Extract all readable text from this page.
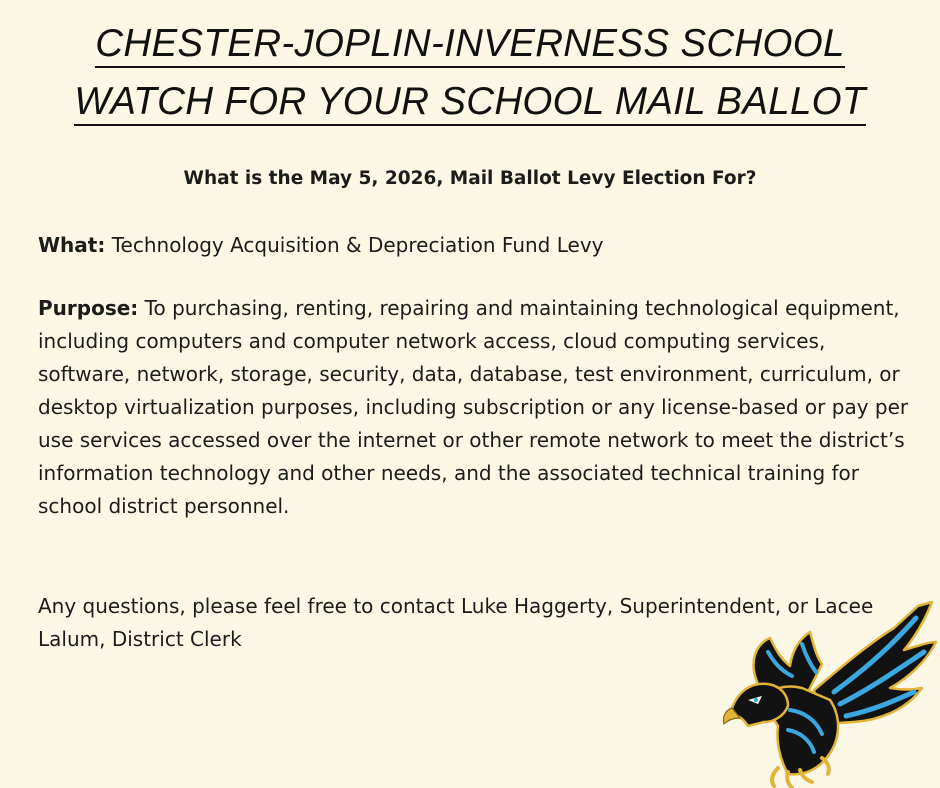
CHESTER-JOPLIN-INVERNESS SCHOOL
WATCH FOR YOUR SCHOOL MAIL BALLOT
What is the May 5, 2026, Mail Ballot Levy Election For?
What: Technology Acquisition & Depreciation Fund Levy
Purpose: To purchasing, renting, repairing and maintaining technological equipment, including computers and computer network access, cloud computing services, software, network, storage, security, data, database, test environment, curriculum, or desktop virtualization purposes, including subscription or any license-based or pay per use services accessed over the internet or other remote network to meet the district’s information technology and other needs, and the associated technical training for school district personnel.
Any questions, please feel free to contact Luke Haggerty, Superintendent, or Lacee Lalum, District Clerk
